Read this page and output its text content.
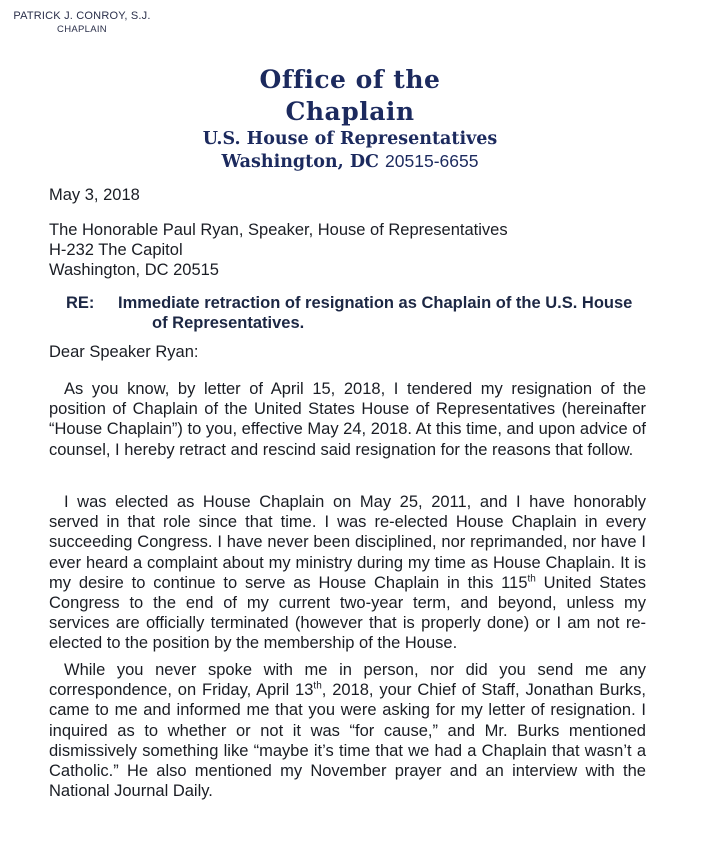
PATRICK J. CONROY, S.J.
CHAPLAIN
Office of the Chaplain
U.S. House of Representatives
Washington, DC 20515-6655
May 3, 2018
The Honorable Paul Ryan, Speaker, House of Representatives
H-232 The Capitol
Washington, DC 20515
RE: Immediate retraction of resignation as Chaplain of the U.S. House
of Representatives.
Dear Speaker Ryan:

As you know, by letter of April 15, 2018, I tendered my resignation of the position of Chaplain of the United States House of Representatives (hereinafter “House Chaplain”) to you, effective May 24, 2018. At this time, and upon advice of counsel, I hereby retract and rescind said resignation for the reasons that follow.

I was elected as House Chaplain on May 25, 2011, and I have honorably served in that role since that time. I was re-elected House Chaplain in every succeeding Congress. I have never been disciplined, nor reprimanded, nor have I ever heard a complaint about my ministry during my time as House Chaplain. It is my desire to continue to serve as House Chaplain in this 115th United States Congress to the end of my current two-year term, and beyond, unless my services are officially terminated (however that is properly done) or I am not re-elected to the position by the membership of the House.

While you never spoke with me in person, nor did you send me any correspondence, on Friday, April 13th, 2018, your Chief of Staff, Jonathan Burks, came to me and informed me that you were asking for my letter of resignation. I inquired as to whether or not it was “for cause,” and Mr. Burks mentioned dismissively something like “maybe it’s time that we had a Chaplain that wasn’t a Catholic.” He also mentioned my November prayer and an interview with the National Journal Daily.
